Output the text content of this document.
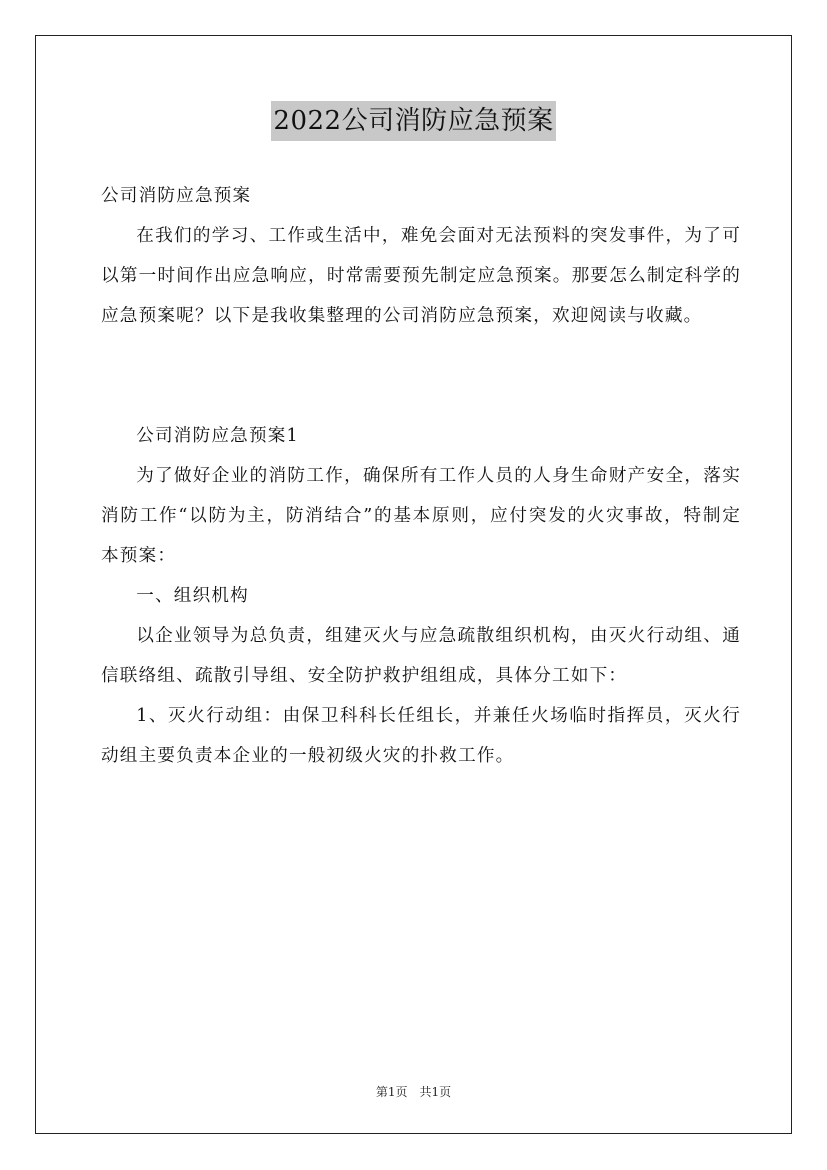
2022公司消防应急预案

公司消防应急预案

在我们的学习、工作或生活中，难免会面对无法预料的突发事件，为了可以第一时间作出应急响应，时常需要预先制定应急预案。那要怎么制定科学的应急预案呢？以下是我收集整理的公司消防应急预案，欢迎阅读与收藏。

公司消防应急预案1

为了做好企业的消防工作，确保所有工作人员的人身生命财产安全，落实消防工作“以防为主，防消结合”的基本原则，应付突发的火灾事故，特制定本预案：

一、组织机构

以企业领导为总负责，组建灭火与应急疏散组织机构，由灭火行动组、通信联络组、疏散引导组、安全防护救护组组成，具体分工如下：

1、灭火行动组：由保卫科科长任组长，并兼任火场临时指挥员，灭火行动组主要负责本企业的一般初级火灾的扑救工作。

第1页 共1页
